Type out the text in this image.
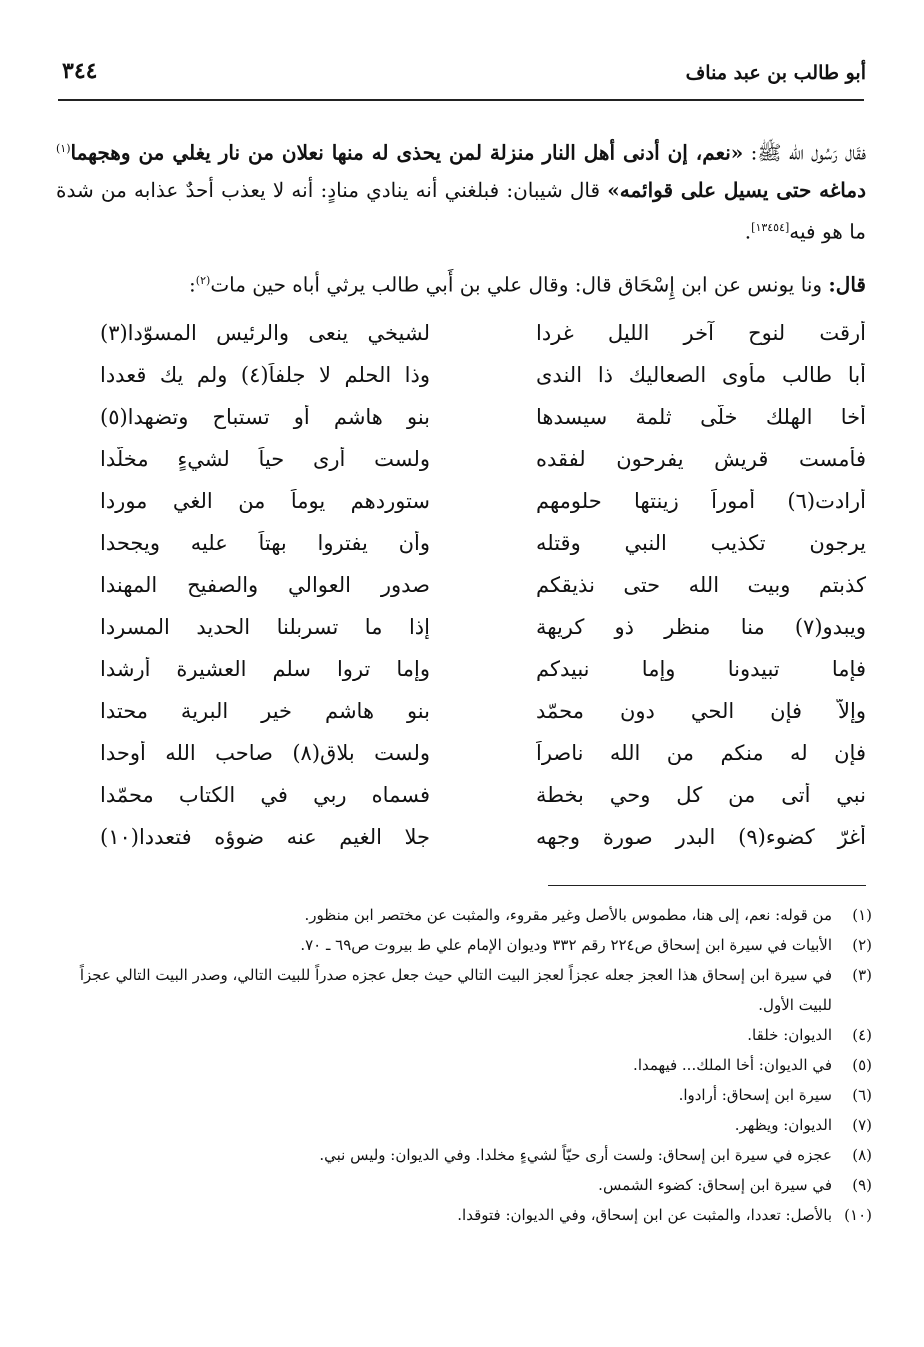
أبو طالب بن عبد مناف
٣٤٤
فقَال رَسُول الله ﷺ: «نعم، إن أدنى أهل النار منزلة لمن يحذى له منها نعلان من نار يغلي من وهجهما$^{(١)}$ دماغه حتى يسيل على قوائمه» قال شيبان: فبلغني أنه ينادي منادٍ: أنه لا يعذب أحدٌ عذابه من شدة ما هو فيه[١٣٤٥٤].
قال: ونا يونس عن ابن إِسْحَاق قال: وقال علي بن أَبي طالب يرثي أباه حين مات$^{(٢)}$:
أرقت لنوح آخر الليل غردا
لشيخي ينعى والرئيس المسوّدا(٣)
أبا طالب مأوى الصعاليك ذا الندى
وذا الحلم لا جلفاً(٤) ولم يك قعددا
أخا الهلك خلّى ثلمة سيسدها
بنو هاشم أو تستباح وتضهدا(٥)
فأمست قريش يفرحون لفقده
ولست أرى حياً لشيءٍ مخلّدا
أرادت(٦) أموراً زينتها حلومهم
ستوردهم يوماً من الغي موردا
يرجون تكذيب النبي وقتله
وأن يفتروا بهتاً عليه ويجحدا
كذبتم وبيت الله حتى نذيقكم
صدور العوالي والصفيح المهندا
ويبدو(٧) منا منظر ذو كريهة
إذا ما تسربلنا الحديد المسردا
فإما تبيدونا وإما نبيدكم
وإما تروا سلم العشيرة أرشدا
وإلاّ فإن الحي دون محمّد
بنو هاشم خير البرية محتدا
فإن له منكم من الله ناصراً
ولست بلاقٍ(٨) صاحب الله أوحدا
نبي أتى من كل وحي بخطة
فسماه ربي في الكتاب محمّدا
أغرّ كضوء(٩) البدر صورة وجهه
جلا الغيم عنه ضوؤه فتعددا(١٠)
(١)
من قوله: نعم، إلى هنا، مطموس بالأصل وغير مقروء، والمثبت عن مختصر ابن منظور.
(٢)
الأبيات في سيرة ابن إسحاق ص٢٢٤ رقم ٣٣٢ وديوان الإمام علي ط بيروت ص٦٩ ـ ٧٠.
(٣)
في سيرة ابن إسحاق هذا العجز جعله عجزاً لعجز البيت التالي حيث جعل عجزه صدراً للبيت التالي، وصدر البيت التالي عجزاً للبيت الأول.
(٤)
الديوان: خلقا.
(٥)
في الديوان: أخا الملك... فيهمدا.
(٦)
سيرة ابن إسحاق: أرادوا.
(٧)
الديوان: ويظهر.
(٨)
عجزه في سيرة ابن إسحاق: ولست أرى حيّاً لشيءٍ مخلدا. وفي الديوان: وليس نبي.
(٩)
في سيرة ابن إسحاق: كضوء الشمس.
(١٠)
بالأصل: تعددا، والمثبت عن ابن إسحاق، وفي الديوان: فتوقدا.
